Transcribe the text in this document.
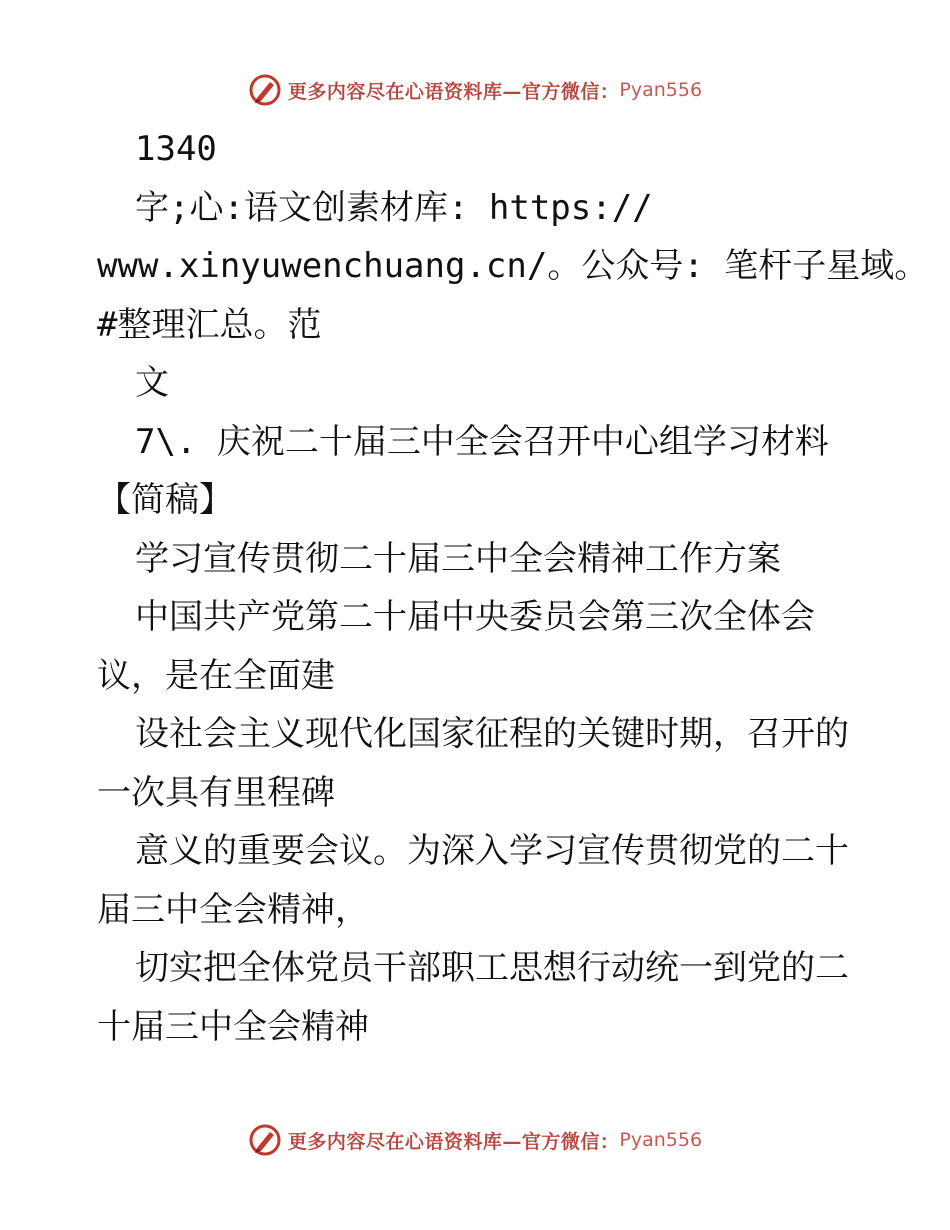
更多内容尽在心语资料库—官方微信： Pyan556
1340
字;心:语文创素材库: https://
www.xinyuwenchuang.cn/。公众号: 笔杆子星域。
#整理汇总。范
文
7\. 庆祝二十届三中全会召开中心组学习材料
【简稿】
学习宣传贯彻二十届三中全会精神工作方案
中国共产党第二十届中央委员会第三次全体会
议，是在全面建
设社会主义现代化国家征程的关键时期，召开的
一次具有里程碑
意义的重要会议。为深入学习宣传贯彻党的二十
届三中全会精神，
切实把全体党员干部职工思想行动统一到党的二
十届三中全会精神
更多内容尽在心语资料库—官方微信： Pyan556
